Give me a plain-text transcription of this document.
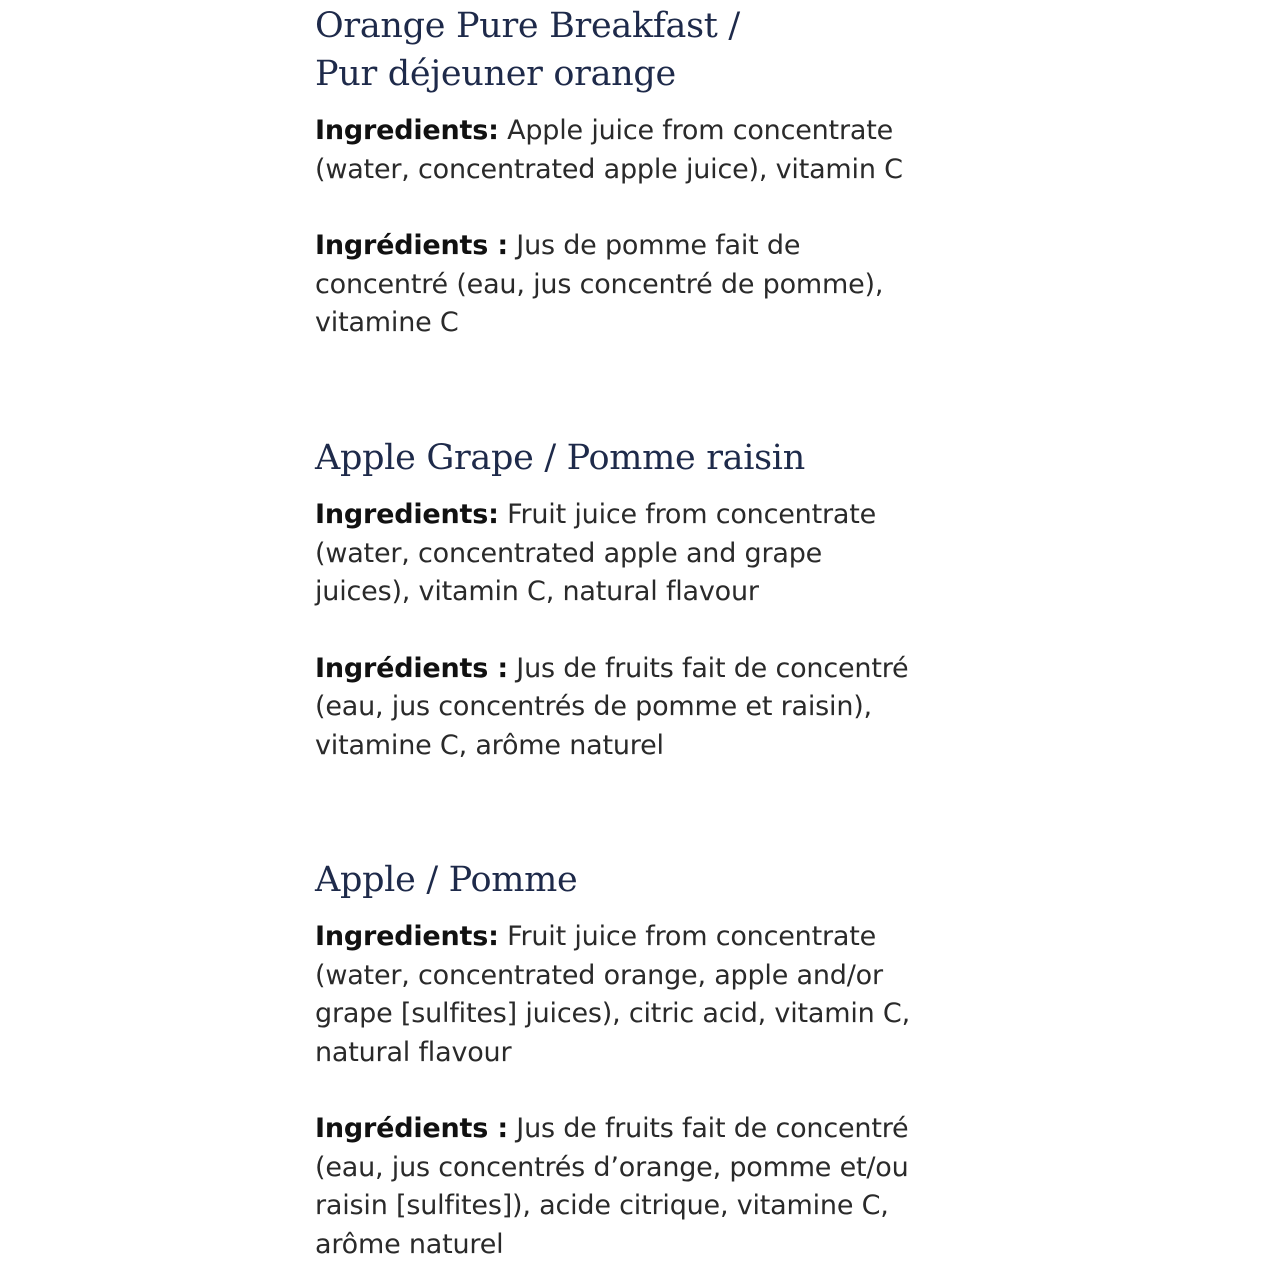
Orange Pure Breakfast /
Pur déjeuner orange

Ingredients: Apple juice from concentrate
(water, concentrated apple juice), vitamin C

Ingrédients : Jus de pomme fait de
concentré (eau, jus concentré de pomme),
vitamine C

Apple Grape / Pomme raisin

Ingredients: Fruit juice from concentrate
(water, concentrated apple and grape
juices), vitamin C, natural flavour

Ingrédients : Jus de fruits fait de concentré
(eau, jus concentrés de pomme et raisin),
vitamine C, arôme naturel

Apple / Pomme

Ingredients: Fruit juice from concentrate
(water, concentrated orange, apple and/or
grape [sulfites] juices), citric acid, vitamin C,
natural flavour

Ingrédients : Jus de fruits fait de concentré
(eau, jus concentrés d’orange, pomme et/ou
raisin [sulfites]), acide citrique, vitamine C,
arôme naturel
